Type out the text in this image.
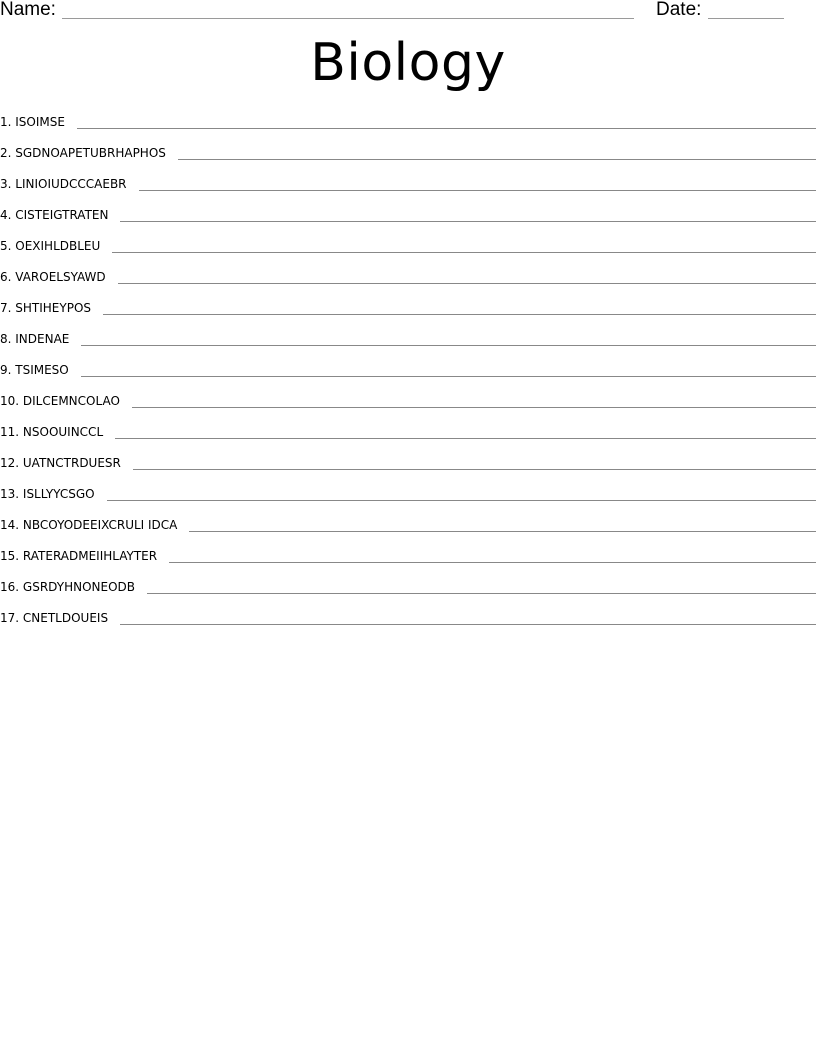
Name:	Date:
Biology
1. ISOIMSE
2. SGDNOAPETUBRHAPHOS
3. LINIOIUDCCCAEBR
4. CISTEIGTRATEN
5. OEXIHLDBLEU
6. VAROELSYAWD
7. SHTIHEYPOS
8. INDENAE
9. TSIMESO
10. DILCEMNCOLAO
11. NSOOUINCCL
12. UATNCTRDUESR
13. ISLLYYCSGO
14. NBCOYODEEIXCRULI IDCA
15. RATERADMEIIHLAYTER
16. GSRDYHNONEODB
17. CNETLDOUEIS
